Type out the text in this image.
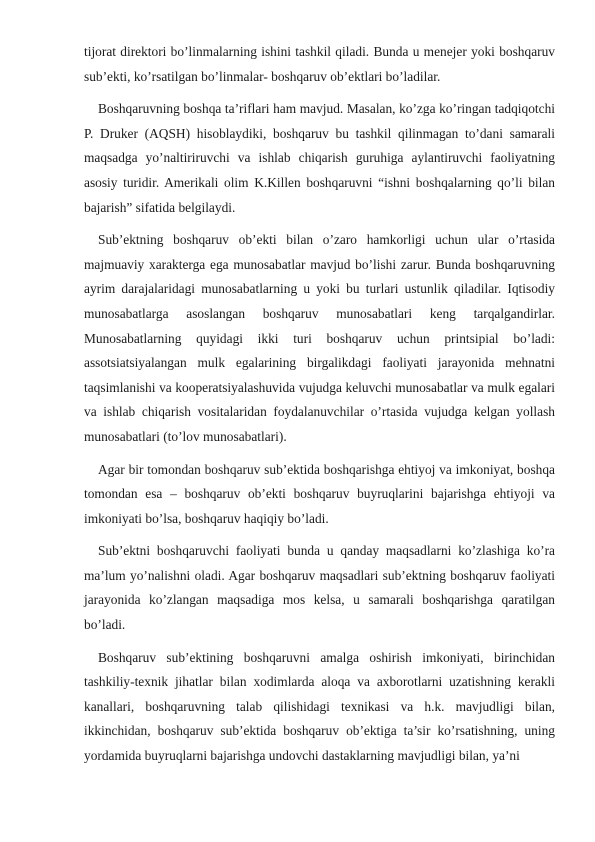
tijorat direktori bo’linmalarning ishini tashkil qiladi. Bunda u menejer yoki boshqaruv sub’ekti, ko’rsatilgan bo’linmalar- boshqaruv ob’ektlari bo’ladilar.

Boshqaruvning boshqa ta’riflari ham mavjud. Masalan, ko’zga ko’ringan tadqiqotchi P. Druker (AQSH) hisoblaydiki, boshqaruv bu tashkil qilinmagan to’dani samarali maqsadga yo’naltiriruvchi va ishlab chiqarish guruhiga aylantiruvchi faoliyatning asosiy turidir. Amerikali olim K.Killen boshqaruvni “ishni boshqalarning qo’li bilan bajarish” sifatida belgilaydi.

Sub’ektning boshqaruv ob’ekti bilan o’zaro hamkorligi uchun ular o’rtasida majmuaviy xarakterga ega munosabatlar mavjud bo’lishi zarur. Bunda boshqaruvning ayrim darajalaridagi munosabatlarning u yoki bu turlari ustunlik qiladilar. Iqtisodiy munosabatlarga asoslangan boshqaruv munosabatlari keng tarqalgandirlar. Munosabatlarning quyidagi ikki turi boshqaruv uchun printsipial bo’ladi: assotsiatsiyalangan mulk egalarining birgalikdagi faoliyati jarayonida mehnatni taqsimlanishi va kooperatsiyalashuvida vujudga keluvchi munosabatlar va mulk egalari va ishlab chiqarish vositalaridan foydalanuvchilar o’rtasida vujudga kelgan yollash munosabatlari (to’lov munosabatlari).

Agar bir tomondan boshqaruv sub’ektida boshqarishga ehtiyoj va imkoniyat, boshqa tomondan esa – boshqaruv ob’ekti boshqaruv buyruqlarini bajarishga ehtiyoji va imkoniyati bo’lsa, boshqaruv haqiqiy bo’ladi.

Sub’ektni boshqaruvchi faoliyati bunda u qanday maqsadlarni ko’zlashiga ko’ra ma’lum yo’nalishni oladi. Agar boshqaruv maqsadlari sub’ektning boshqaruv faoliyati jarayonida ko’zlangan maqsadiga mos kelsa, u samarali boshqarishga qaratilgan bo’ladi.

Boshqaruv sub’ektining boshqaruvni amalga oshirish imkoniyati, birinchidan tashkiliy-texnik jihatlar bilan xodimlarda aloqa va axborotlarni uzatishning kerakli kanallari, boshqaruvning talab qilishidagi texnikasi va h.k. mavjudligi bilan, ikkinchidan, boshqaruv sub’ektida boshqaruv ob’ektiga ta’sir ko’rsatishning, uning yordamida buyruqlarni bajarishga undovchi dastaklarning mavjudligi bilan, ya’ni
